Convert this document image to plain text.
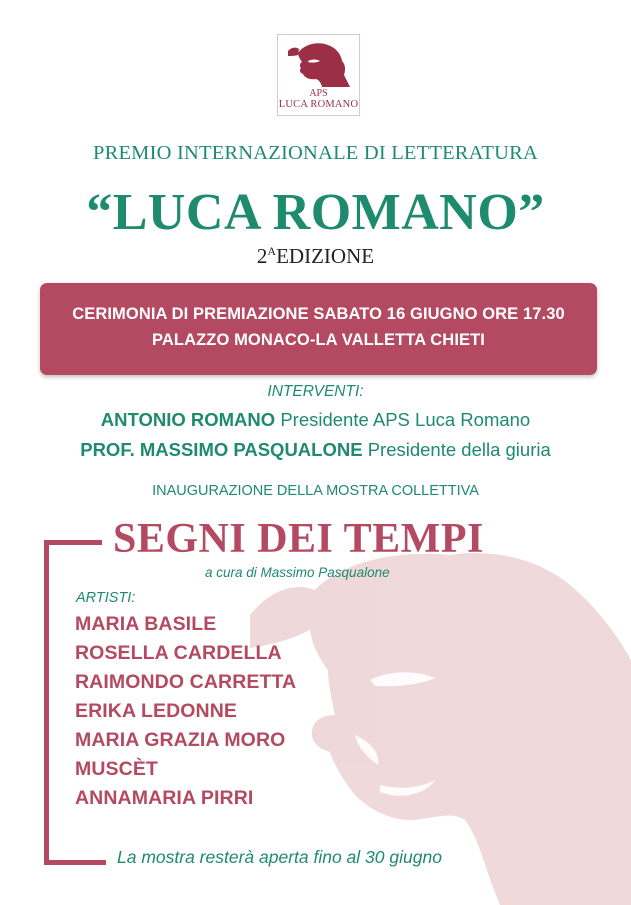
APS
LUCA ROMANO
PREMIO INTERNAZIONALE DI LETTERATURA
“LUCA ROMANO”
$2^AEDIZIONE$
CERIMONIA DI PREMIAZIONE SABATO 16 GIUGNO ORE 17.30
PALAZZO MONACO-LA VALLETTA CHIETI
INTERVENTI:
ANTONIO ROMANO Presidente APS Luca Romano
PROF. MASSIMO PASQUALONE Presidente della giuria
INAUGURAZIONE DELLA MOSTRA COLLETTIVA
SEGNI DEI TEMPI
a cura di Massimo Pasqualone
ARTISTI:
MARIA BASILE
ROSELLA CARDELLA
RAIMONDO CARRETTA
ERIKA LEDONNE
MARIA GRAZIA MORO
MUSCÈT
ANNAMARIA PIRRI
La mostra resterà aperta fino al 30 giugno
